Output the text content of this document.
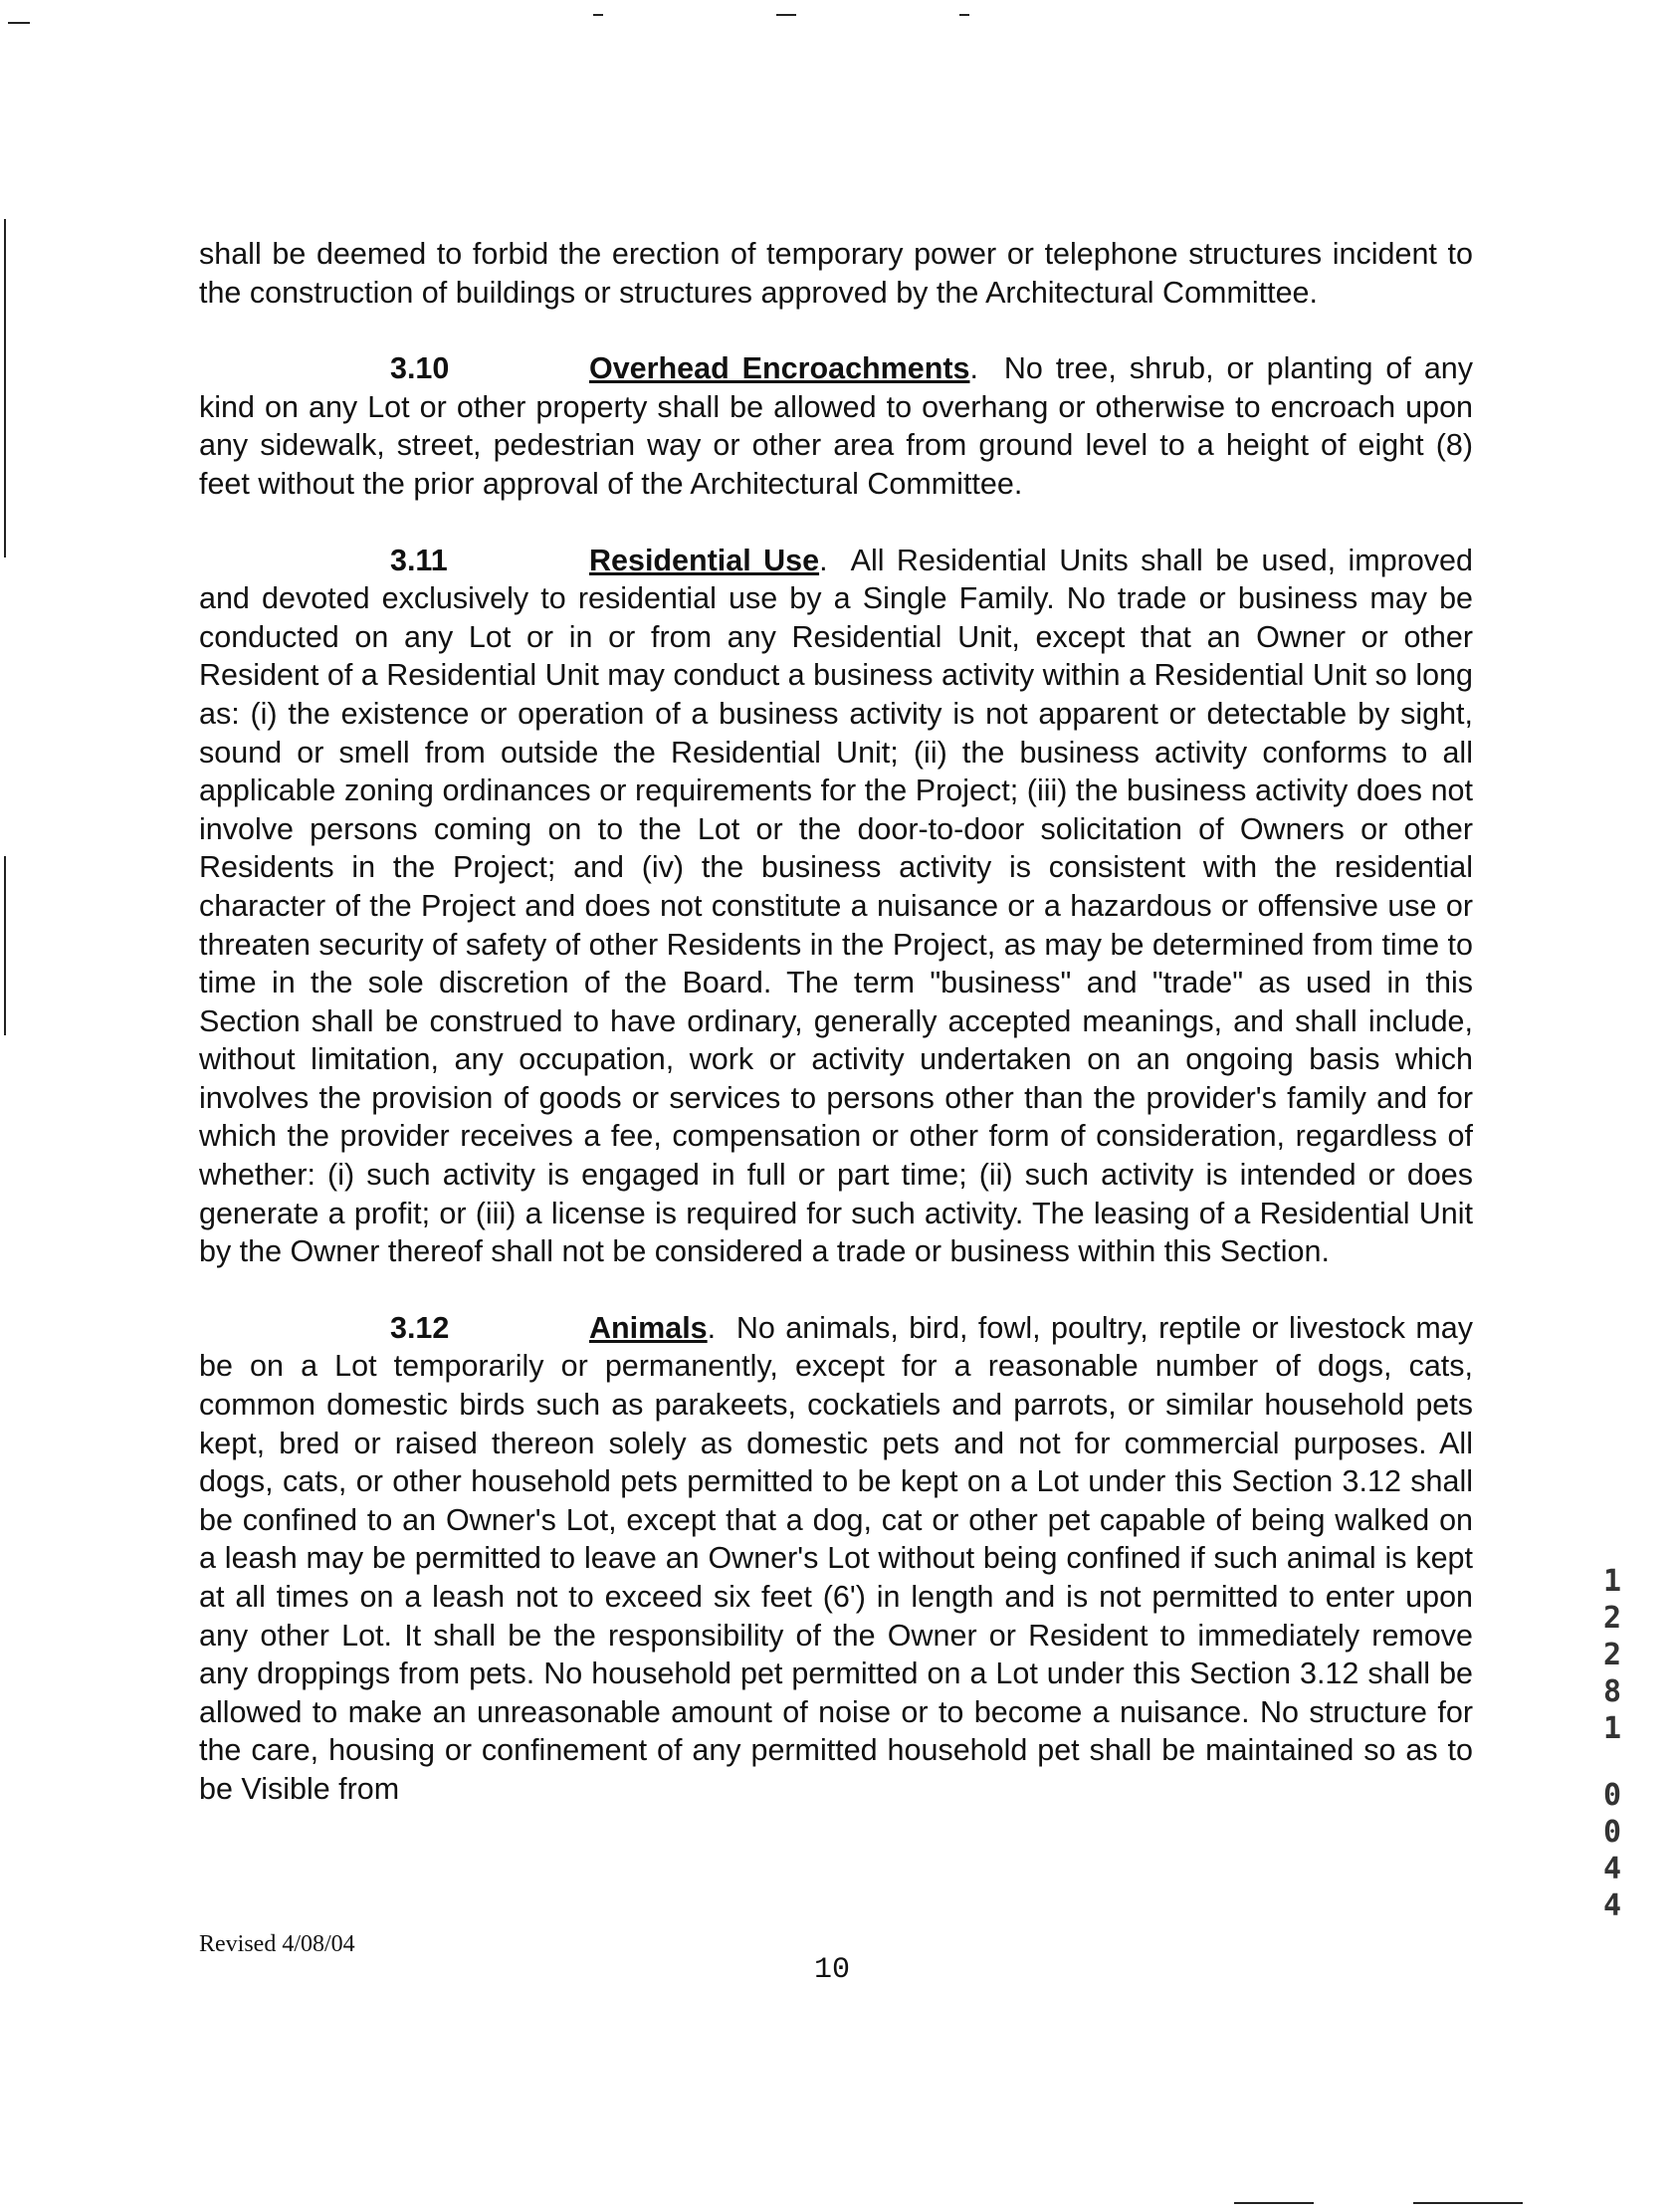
shall be deemed to forbid the erection of temporary power or telephone structures incident to the construction of buildings or structures approved by the Architectural Committee.

3.10	Overhead Encroachments.  No tree, shrub, or planting of any kind on any Lot or other property shall be allowed to overhang or otherwise to encroach upon any sidewalk, street, pedestrian way or other area from ground level to a height of eight (8) feet without the prior approval of the Architectural Committee.

3.11	Residential Use.  All Residential Units shall be used, improved and devoted exclusively to residential use by a Single Family. No trade or business may be conducted on any Lot or in or from any Residential Unit, except that an Owner or other Resident of a Residential Unit may conduct a business activity within a Residential Unit so long as: (i) the existence or operation of a business activity is not apparent or detectable by sight, sound or smell from outside the Residential Unit; (ii) the business activity conforms to all applicable zoning ordinances or requirements for the Project; (iii) the business activity does not involve persons coming on to the Lot or the door-to-door solicitation of Owners or other Residents in the Project; and (iv) the business activity is consistent with the residential character of the Project and does not constitute a nuisance or a hazardous or offensive use or threaten security of safety of other Residents in the Project, as may be determined from time to time in the sole discretion of the Board. The term "business" and "trade" as used in this Section shall be construed to have ordinary, generally accepted meanings, and shall include, without limitation, any occupation, work or activity undertaken on an ongoing basis which involves the provision of goods or services to persons other than the provider's family and for which the provider receives a fee, compensation or other form of consideration, regardless of whether: (i) such activity is engaged in full or part time; (ii) such activity is intended or does generate a profit; or (iii) a license is required for such activity. The leasing of a Residential Unit by the Owner thereof shall not be considered a trade or business within this Section.

3.12	Animals.  No animals, bird, fowl, poultry, reptile or livestock may be on a Lot temporarily or permanently, except for a reasonable number of dogs, cats, common domestic birds such as parakeets, cockatiels and parrots, or similar household pets kept, bred or raised thereon solely as domestic pets and not for commercial purposes. All dogs, cats, or other household pets permitted to be kept on a Lot under this Section 3.12 shall be confined to an Owner's Lot, except that a dog, cat or other pet capable of being walked on a leash may be permitted to leave an Owner's Lot without being confined if such animal is kept at all times on a leash not to exceed six feet (6') in length and is not permitted to enter upon any other Lot. It shall be the responsibility of the Owner or Resident to immediately remove any droppings from pets. No household pet permitted on a Lot under this Section 3.12 shall be allowed to make an unreasonable amount of noise or to become a nuisance. No structure for the care, housing or confinement of any permitted household pet shall be maintained so as to be Visible from

1
2
2
8
1
0
0
4
4
Revised 4/08/04
10
